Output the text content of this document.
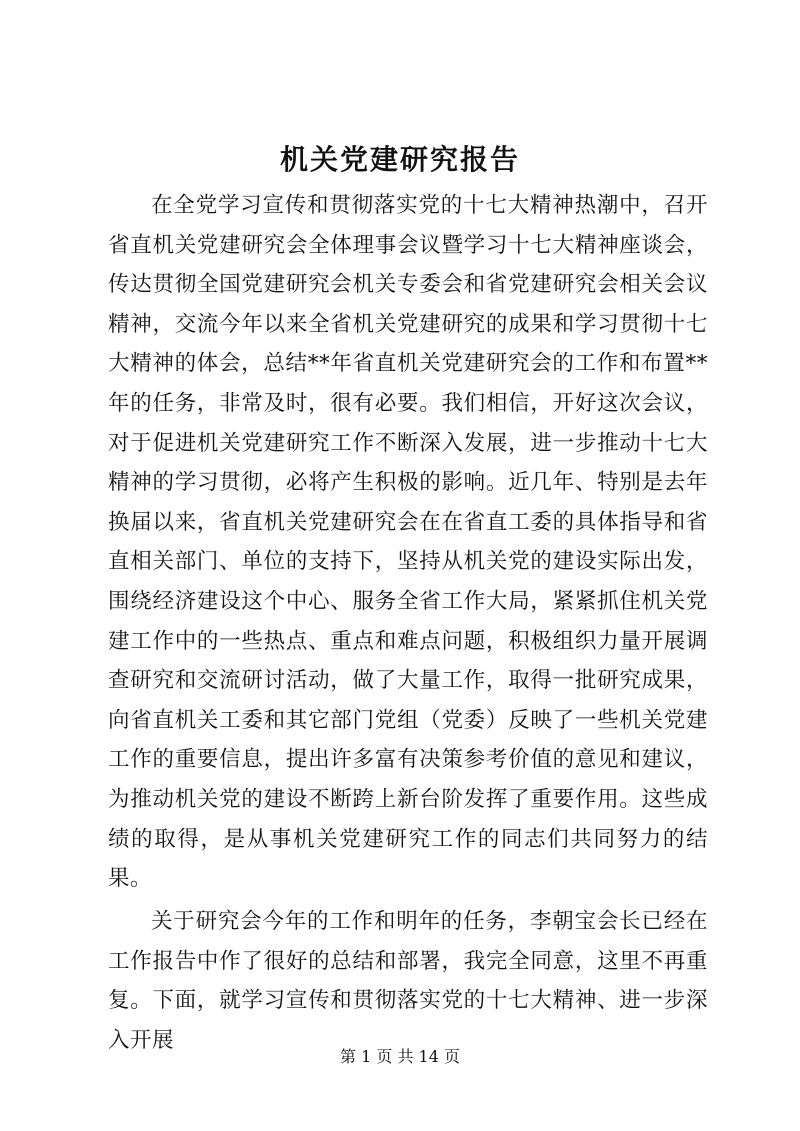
机关党建研究报告

在全党学习宣传和贯彻落实党的十七大精神热潮中，召开省直机关党建研究会全体理事会议暨学习十七大精神座谈会，传达贯彻全国党建研究会机关专委会和省党建研究会相关会议精神，交流今年以来全省机关党建研究的成果和学习贯彻十七大精神的体会，总结**年省直机关党建研究会的工作和布置**年的任务，非常及时，很有必要。我们相信，开好这次会议，对于促进机关党建研究工作不断深入发展，进一步推动十七大精神的学习贯彻，必将产生积极的影响。近几年、特别是去年换届以来，省直机关党建研究会在在省直工委的具体指导和省直相关部门、单位的支持下，坚持从机关党的建设实际出发，围绕经济建设这个中心、服务全省工作大局，紧紧抓住机关党建工作中的一些热点、重点和难点问题，积极组织力量开展调查研究和交流研讨活动，做了大量工作，取得一批研究成果，向省直机关工委和其它部门党组（党委）反映了一些机关党建工作的重要信息，提出许多富有决策参考价值的意见和建议，为推动机关党的建设不断跨上新台阶发挥了重要作用。这些成绩的取得，是从事机关党建研究工作的同志们共同努力的结果。

关于研究会今年的工作和明年的任务，李朝宝会长已经在工作报告中作了很好的总结和部署，我完全同意，这里不再重复。下面，就学习宣传和贯彻落实党的十七大精神、进一步深入开展

第 1 页 共 14 页
